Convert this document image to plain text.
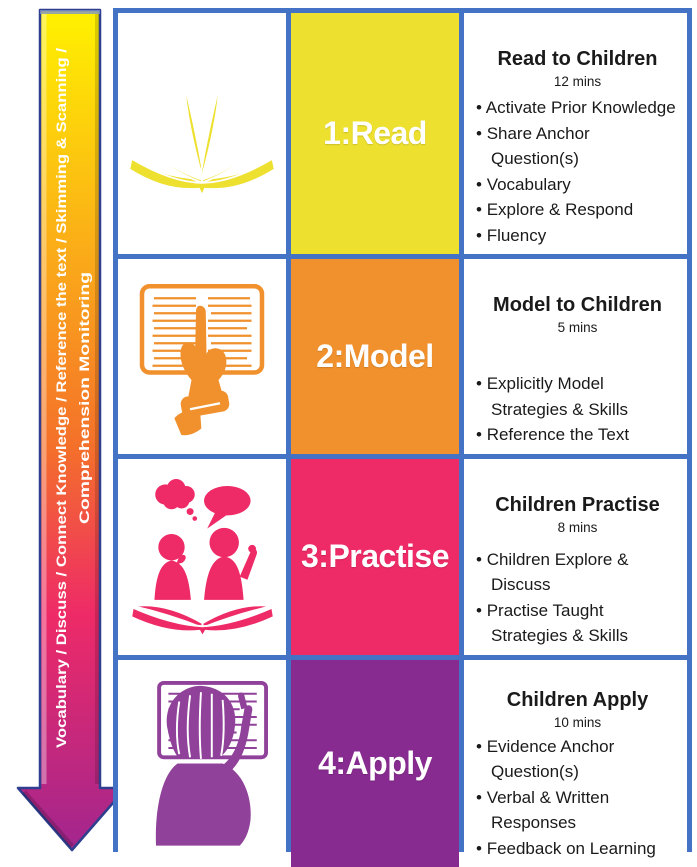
Vocabulary / Discuss / Connect Knowledge / Reference the text / Skimming & Scanning / Comprehension Monitoring
1:Read
Read to Children
12 mins
• Activate Prior Knowledge
• Share Anchor Question(s)
• Vocabulary
• Explore & Respond
• Fluency
2:Model
Model to Children
5 mins
• Explicitly Model Strategies & Skills
• Reference the Text
3:Practise
Children Practise
8 mins
• Children Explore & Discuss
• Practise Taught Strategies & Skills
4:Apply
Children Apply
10 mins
• Evidence Anchor Question(s)
• Verbal & Written Responses
• Feedback on Learning
